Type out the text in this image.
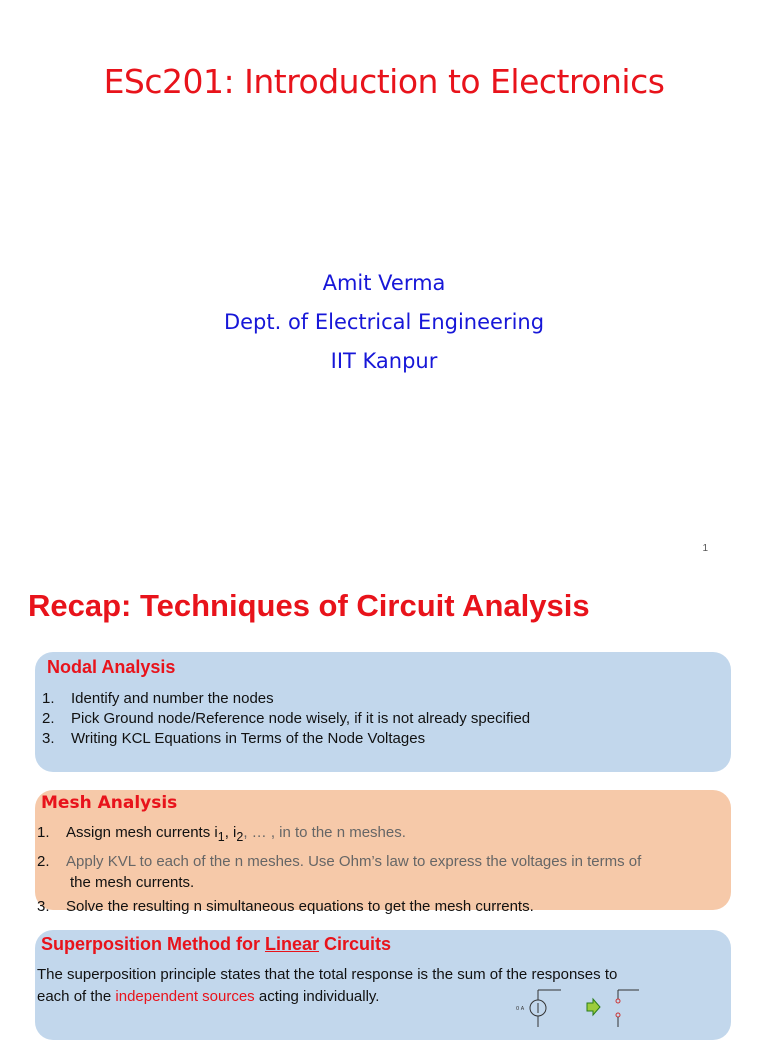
ESc201: Introduction to Electronics
Amit Verma
Dept. of Electrical Engineering
IIT Kanpur
1
Recap: Techniques of Circuit Analysis
Nodal Analysis
1. Identify and number the nodes
2. Pick Ground node/Reference node wisely, if it is not already specified
3. Writing KCL Equations in Terms of the Node Voltages
Mesh Analysis
1. Assign mesh currents $i_1$, $i_2$, … , in to the n meshes.
2. Apply KVL to each of the n meshes. Use Ohm’s law to express the voltages in terms of
the mesh currents.
3. Solve the resulting n simultaneous equations to get the mesh currents.
Superposition Method for Linear Circuits
The superposition principle states that the total response is the sum of the responses to
each of the independent sources acting individually.
0 A
